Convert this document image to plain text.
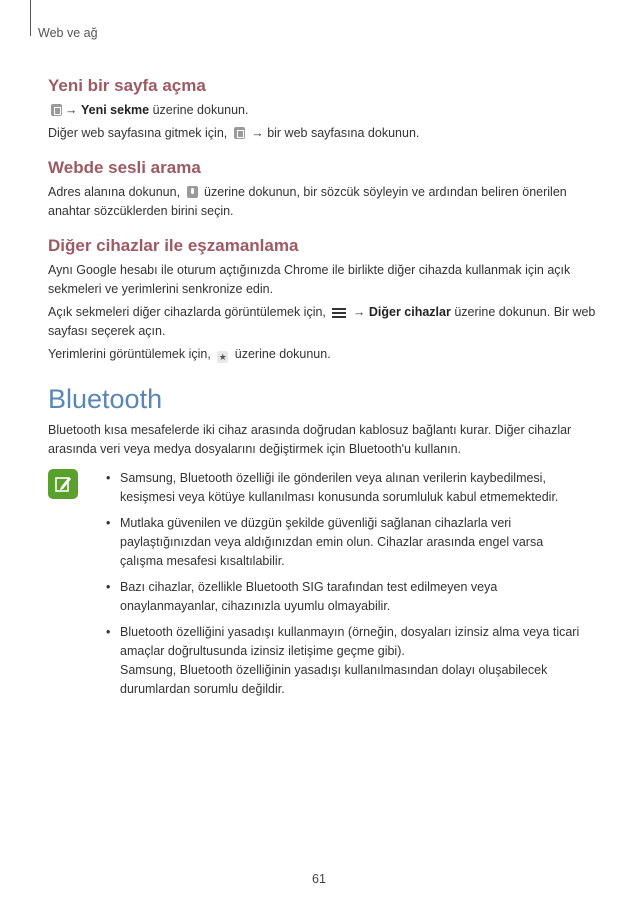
Web ve ağ
Yeni bir sayfa açma

→ Yeni sekme üzerine dokunun.

Diğer web sayfasına gitmek için, → bir web sayfasına dokunun.

Webde sesli arama

Adres alanına dokunun, üzerine dokunun, bir sözcük söyleyin ve ardından beliren önerilen anahtar sözcüklerden birini seçin.

Diğer cihazlar ile eşzamanlama

Aynı Google hesabı ile oturum açtığınızda Chrome ile birlikte diğer cihazda kullanmak için açık sekmeleri ve yerimlerini senkronize edin.

Açık sekmeleri diğer cihazlarda görüntülemek için, → Diğer cihazlar üzerine dokunun. Bir web sayfası seçerek açın.

Yerimlerini görüntülemek için, ★ üzerine dokunun.

Bluetooth

Bluetooth kısa mesafelerde iki cihaz arasında doğrudan kablosuz bağlantı kurar. Diğer cihazlar arasında veri veya medya dosyalarını değiştirmek için Bluetooth'u kullanın.

• Samsung, Bluetooth özelliği ile gönderilen veya alınan verilerin kaybedilmesi, kesişmesi veya kötüye kullanılması konusunda sorumluluk kabul etmemektedir.
• Mutlaka güvenilen ve düzgün şekilde güvenliği sağlanan cihazlarla veri paylaştığınızdan veya aldığınızdan emin olun. Cihazlar arasında engel varsa çalışma mesafesi kısaltılabilir.
• Bazı cihazlar, özellikle Bluetooth SIG tarafından test edilmeyen veya onaylanmayanlar, cihazınızla uyumlu olmayabilir.
• Bluetooth özelliğini yasadışı kullanmayın (örneğin, dosyaları izinsiz alma veya ticari amaçlar doğrultusunda izinsiz iletişime geçme gibi).
Samsung, Bluetooth özelliğinin yasadışı kullanılmasından dolayı oluşabilecek durumlardan sorumlu değildir.
61
